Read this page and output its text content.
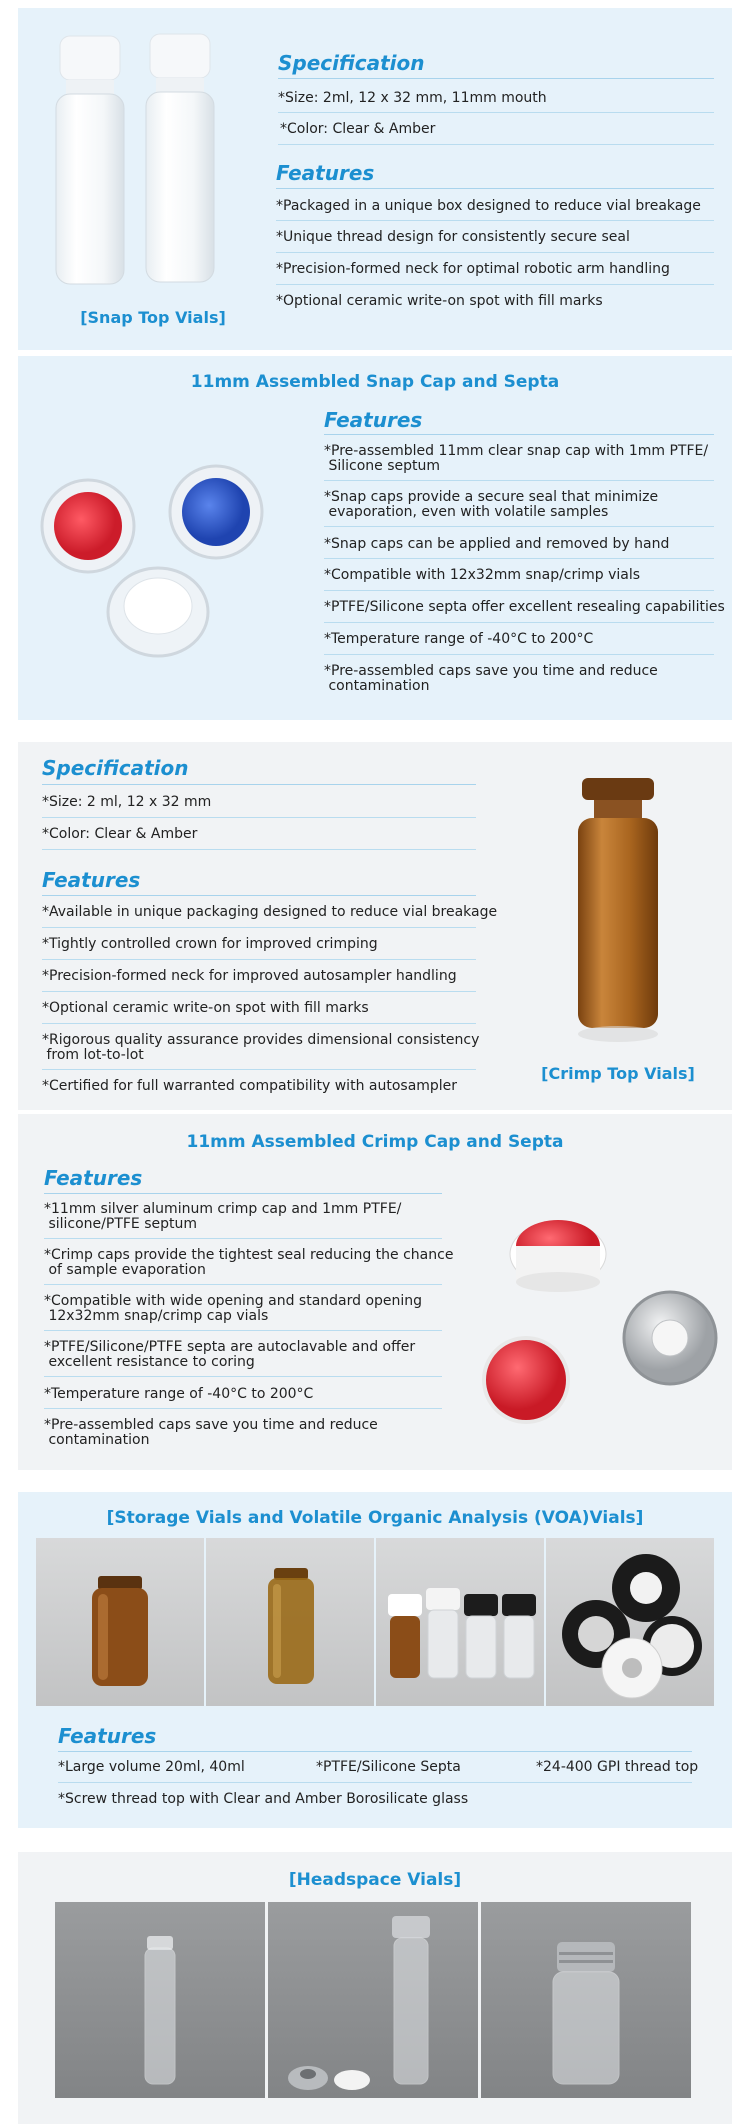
[Snap Top Vials]
Specification
*Size: 2ml, 12 x 32 mm, 11mm mouth
*Color: Clear & Amber
Features
*Packaged in a unique box designed to reduce vial breakage
*Unique thread design for consistently secure seal
*Precision-formed neck for optimal robotic arm handling
*Optional ceramic write-on spot with fill marks
11mm Assembled Snap Cap and Septa
Features
*Pre-assembled 11mm clear snap cap with 1mm PTFE/
Silicone septum
*Snap caps provide a secure seal that minimize
evaporation, even with volatile samples
*Snap caps can be applied and removed by hand
*Compatible with 12x32mm snap/crimp vials
*PTFE/Silicone septa offer excellent resealing capabilities
*Temperature range of -40°C to 200°C
*Pre-assembled caps save you time and reduce
contamination
Specification
*Size: 2 ml, 12 x 32 mm
*Color: Clear & Amber
Features
*Available in unique packaging designed to reduce vial breakage
*Tightly controlled crown for improved crimping
*Precision-formed neck for improved autosampler handling
*Optional ceramic write-on spot with fill marks
*Rigorous quality assurance provides dimensional consistency
from lot-to-lot
*Certified for full warranted compatibility with autosampler
[Crimp Top Vials]
11mm Assembled Crimp Cap and Septa
Features
*11mm silver aluminum crimp cap and 1mm PTFE/
silicone/PTFE septum
*Crimp caps provide the tightest seal reducing the chance
of sample evaporation
*Compatible with wide opening and standard opening
12x32mm snap/crimp cap vials
*PTFE/Silicone/PTFE septa are autoclavable and offer
excellent resistance to coring
*Temperature range of -40°C to 200°C
*Pre-assembled caps save you time and reduce
contamination
[Storage Vials and Volatile Organic Analysis (VOA)Vials]
Features
*Large volume 20ml, 40ml	*PTFE/Silicone Septa	*24-400 GPI thread top
*Screw thread top with Clear and Amber Borosilicate glass
[Headspace Vials]
